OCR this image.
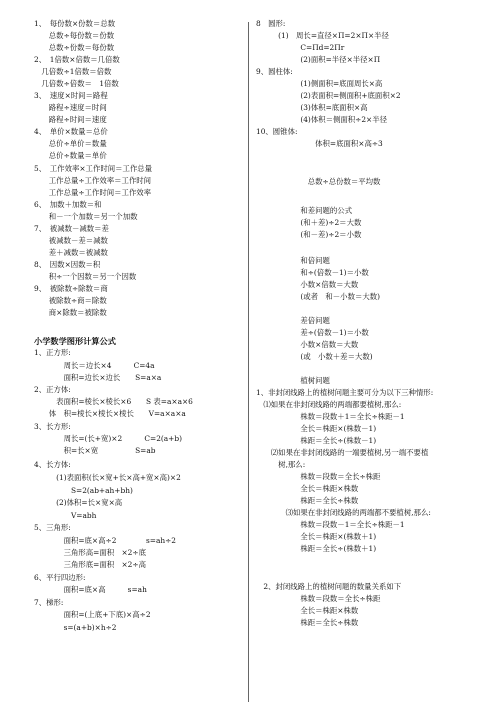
1、　每份数×份数＝总数
　　总数÷每份数＝份数
　　总数÷份数＝每份数
2、　1倍数×倍数＝几倍数
　几倍数÷1倍数＝倍数
　几倍数÷倍数＝　1倍数
3、　速度×时间＝路程
　　路程÷速度＝时间
　　路程÷时间＝速度
4、　单价×数量＝总价
　　总价÷单价＝数量
　　总价÷数量＝单价
5、　工作效率×工作时间＝工作总量
　　工作总量÷工作效率＝工作时间
　　工作总量÷工作时间＝工作效率
6、　加数＋加数＝和
　　和－一个加数＝另一个加数
7、　被减数－减数＝差
　　被减数－差＝减数
　　差＋减数＝被减数
8、　因数×因数＝积
　　积÷一个因数＝另一个因数
9、　被除数÷除数＝商
　　被除数÷商＝除数
　　商×除数＝被除数
小学数学图形计算公式
1、正方形:
　　　　周长＝边长×4　　　C=4a
　　　　面积=边长×边长　　S=a×a
2、正方体:
　　　表面积=棱长×棱长×6　　S 表=a×a×6
　　体　积=棱长×棱长×棱长　　V=a×a×a
3、长方形:
　　　　周长=(长+宽)×2　　　C=2(a+b)
　　　　积=长×宽　　　　　S=ab
4、长方体:
　　　(1)表面积(长×宽+长×高+宽×高)×2
　　　　　S=2(ab+ah+bh)
　　　(2)体积=长×宽×高
　　　　　V=abh
5、三角形:
　　　　面积=底×高÷2　　　　s=ah÷2
　　　　三角形高=面积　×2÷底
　　　　三角形底=面积　×2÷高
6、平行四边形:
　　　　面积=底×高　　　s=ah
7、梯形:
　　　　面积=(上底+下底)×高÷2
　　　　s=(a+b)×h÷2
8　圆形:
　　　(1)　周长=直径×Π=2×Π×半径
　　　　　　C=Πd=2Πr
　　　　　　(2)面积=半径×半径×Π
9、圆柱体:
　　　　　　(1)侧面积=底面周长×高
　　　　　　(2)表面积=侧面积+底面积×2
　　　　　　(3)体积=底面积×高
　　　　　　(4)体积＝侧面积÷2×半径
10、圆锥体:
　　　　　　　　体积=底面积×高÷3
　　　　　　　总数÷总份数＝平均数
　　　　　　和差问题的公式
　　　　　　(和＋差)÷2＝大数
　　　　　　(和－差)÷2＝小数
　　　　　　和倍问题
　　　　　　和÷(倍数－1)＝小数
　　　　　　小数×倍数＝大数
　　　　　　(或者　和－小数＝大数)
　　　　　　差倍问题
　　　　　　差÷(倍数－1)＝小数
　　　　　　小数×倍数＝大数
　　　　　　(或　小数＋差＝大数)
　　　　　　植树问题
1、非封闭线路上的植树问题主要可分为以下三种情形:
　⑴如果在非封闭线路的两端都要植树,那么:
　　　　　　株数＝段数＋1＝全长÷株距－1
　　　　　　全长＝株距×(株数－1)
　　　　　　株距＝全长÷(株数－1)
　　⑵如果在非封闭线路的一端要植树,另一端不要植
　　　树,那么:
　　　　　　株数＝段数＝全长÷株距
　　　　　　全长＝株距×株数
　　　　　　株距＝全长÷株数
　　　　⑶如果在非封闭线路的两端都不要植树,那么:
　　　　　　株数＝段数－1＝全长÷株距－1
　　　　　　全长＝株距×(株数＋1)
　　　　　　株距＝全长÷(株数＋1)
　2、封闭线路上的植树问题的数量关系如下
　　　　　　株数＝段数＝全长÷株距
　　　　　　全长＝株距×株数
　　　　　　株距＝全长÷株数
